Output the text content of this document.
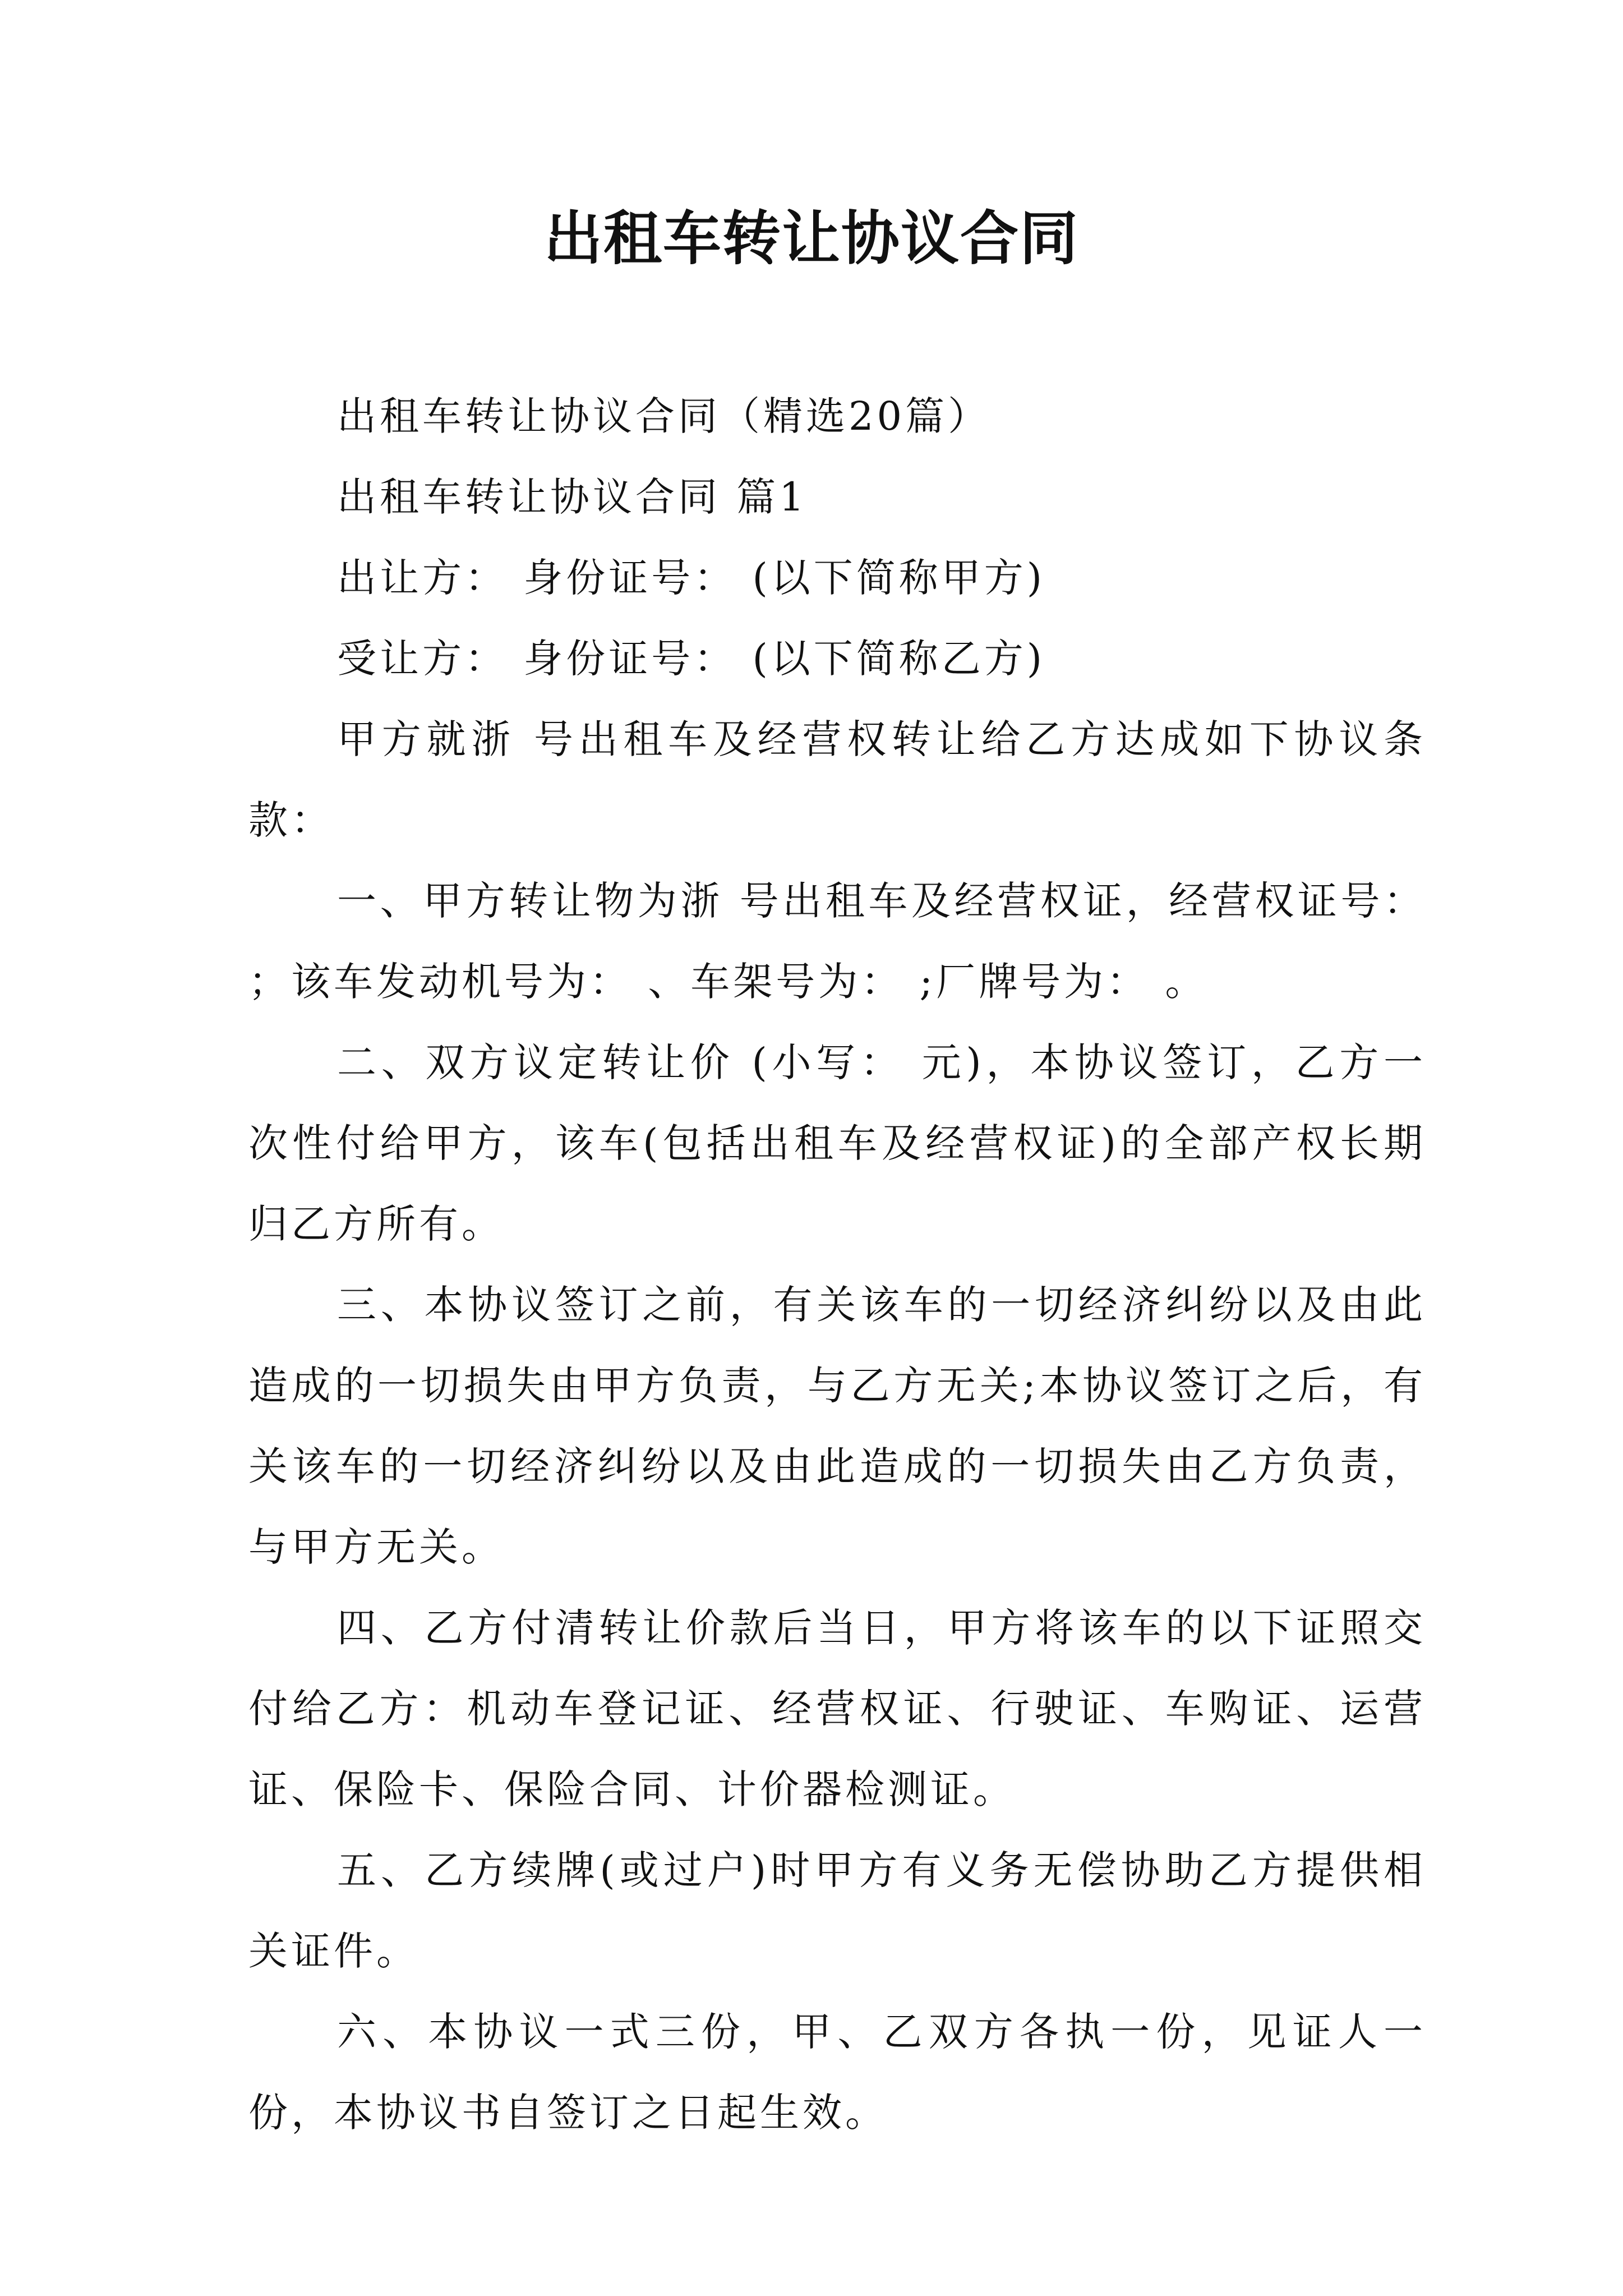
出租车转让协议合同

出租车转让协议合同（精选20篇）

出租车转让协议合同 篇1

出让方： 身份证号： (以下简称甲方)

受让方： 身份证号： (以下简称乙方)

甲方就浙 号出租车及经营权转让给乙方达成如下协议条款：

一、甲方转让物为浙 号出租车及经营权证，经营权证号： ；该车发动机号为： 、车架号为： ;厂牌号为： 。

二、双方议定转让价 (小写： 元)，本协议签订，乙方一次性付给甲方，该车(包括出租车及经营权证)的全部产权长期归乙方所有。

三、本协议签订之前，有关该车的一切经济纠纷以及由此造成的一切损失由甲方负责，与乙方无关;本协议签订之后，有关该车的一切经济纠纷以及由此造成的一切损失由乙方负责，与甲方无关。

四、乙方付清转让价款后当日，甲方将该车的以下证照交付给乙方：机动车登记证、经营权证、行驶证、车购证、运营证、保险卡、保险合同、计价器检测证。

五、乙方续牌(或过户)时甲方有义务无偿协助乙方提供相关证件。

六、本协议一式三份，甲、乙双方各执一份，见证人一份，本协议书自签订之日起生效。
